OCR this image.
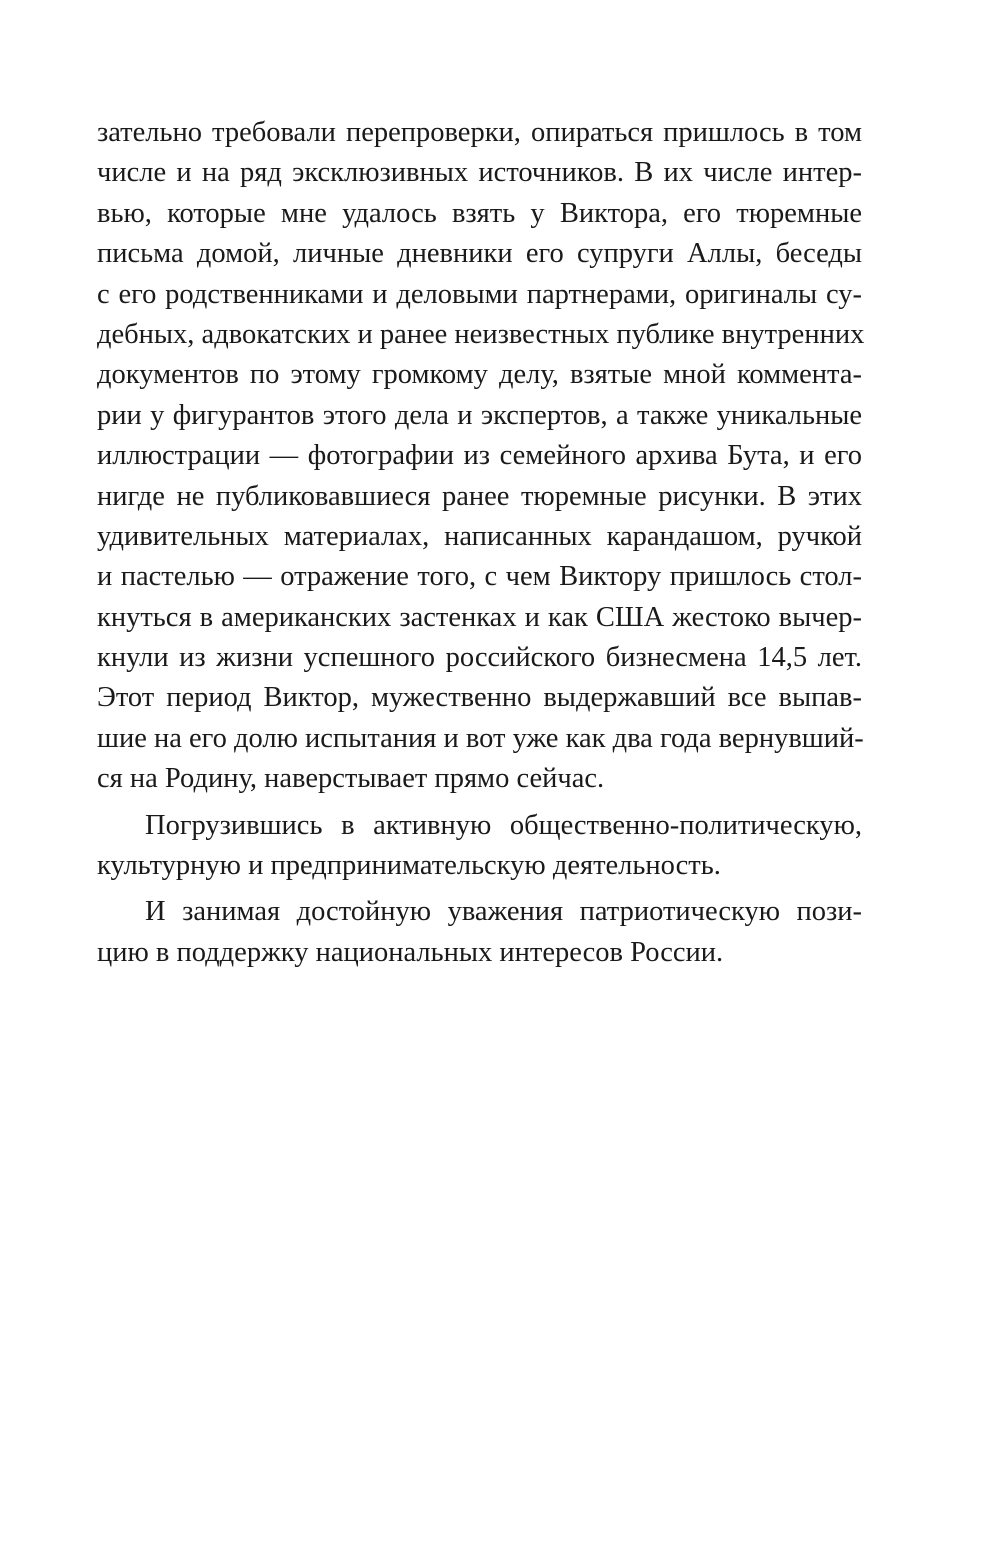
зательно требовали перепроверки, опираться пришлось в том
числе и на ряд эксклюзивных источников. В их числе интер-
вью, которые мне удалось взять у Виктора, его тюремные
письма домой, личные дневники его супруги Аллы, беседы
с его родственниками и деловыми партнерами, оригиналы су-
дебных, адвокатских и ранее неизвестных публике внутренних
документов по этому громкому делу, взятые мной коммента-
рии у фигурантов этого дела и экспертов, а также уникальные
иллюстрации — фотографии из семейного архива Бута, и его
нигде не публиковавшиеся ранее тюремные рисунки. В этих
удивительных материалах, написанных карандашом, ручкой
и пастелью — отражение того, с чем Виктору пришлось стол-
кнуться в американских застенках и как США жестоко вычер-
кнули из жизни успешного российского бизнесмена 14,5 лет.
Этот период Виктор, мужественно выдержавший все выпав-
шие на его долю испытания и вот уже как два года вернувший-
ся на Родину, наверстывает прямо сейчас.
Погрузившись в активную общественно-политическую,
культурную и предпринимательскую деятельность.
И занимая достойную уважения патриотическую пози-
цию в поддержку национальных интересов России.
